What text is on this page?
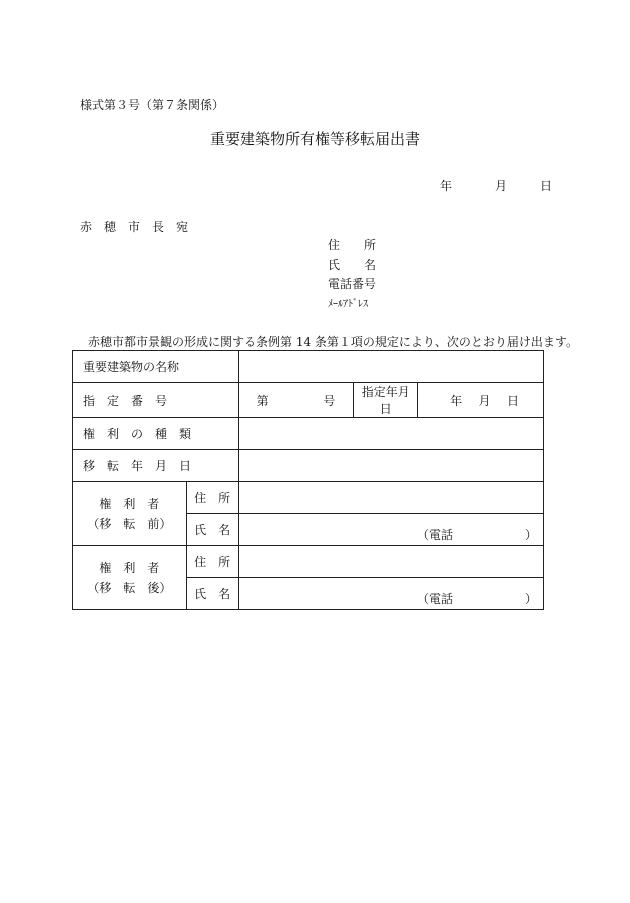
様式第３号（第７条関係）
重要建築物所有権等移転届出書
年	月	日
赤　穂　市　長　宛
住　　所
氏　　名
電話番号
ﾒｰﾙｱﾄﾞﾚｽ
赤穂市都市景観の形成に関する条例第 14 条第１項の規定により、次のとおり届け出ます。
重要建築物の名称				

指　定　番　号		第 号	指定年月日	年 月 日

権　利　の　種　類				

移　転　年　月　日				

権　利　者
（移　転　前）	住　所			
	氏　名	（電話　　　　　　）		

権　利　者
（移　転　後）	住　所			
	氏　名	（電話　　　　　　）		
